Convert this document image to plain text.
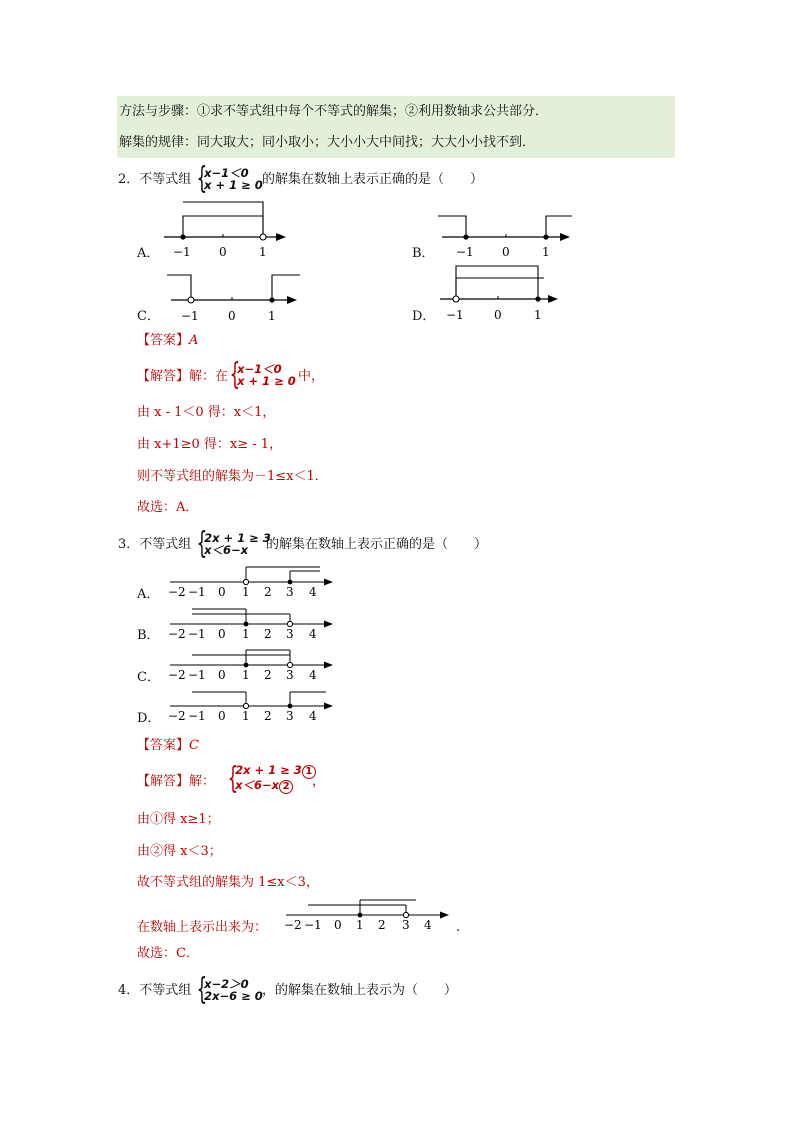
方法与步骤：①求不等式组中每个不等式的解集；②利用数轴求公共部分．
解集的规律：同大取大；同小取小；大小小大中间找；大大小小找不到．
2．不等式组 {
x−1＜0
x + 1 ≥ 0 的解集在数轴上表示正确的是（　　）
A． −1 0	1	B． −1 0	1
C． −1 0	1	D． −1	0	1
【答案】A
【解答】解：在 {
x−1＜0
x + 1 ≥ 0 中，
由 x - 1＜0 得：x＜1，
由 x+1≥0 得：x≥ - 1，
则不等式组的解集为－1≤x＜1．
故选：A．
3．不等式组 {
2x + 1 ≥ 3
x＜6−x	的解集在数轴上表示正确的是（　　）
A． −2 −1 0 1 2 3 4
B． −2 −1 0 1 2 3 4
C． −2 −1 0 1 2 3 4
D． −2 −1 0 1 2 3 4
【答案】C
【解答】解： {
2x + 1 ≥ 3 1
x＜6−x 2	，
由①得 x≥1；
由②得 x＜3；
故不等式组的解集为 1≤x＜3，
在数轴上表示出来为： −2 −1 0 1 2 3 4 .
故选：C．
4．不等式组 {
x−2＞0
2x−6 ≥ 0 ，的解集在数轴上表示为（　　）
